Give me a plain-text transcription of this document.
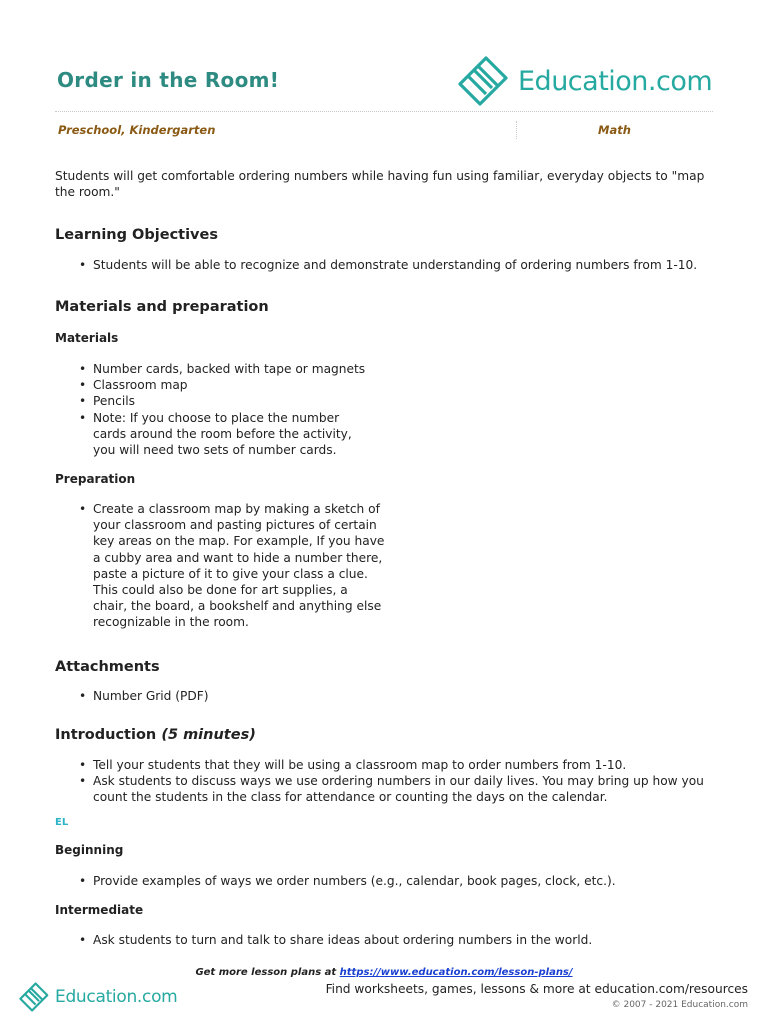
Order in the Room!	Education.com
Preschool, Kindergarten	Math
Students will get comfortable ordering numbers while having fun using familiar, everyday objects to "map the room."
Learning Objectives
• Students will be able to recognize and demonstrate understanding of ordering numbers from 1-10.
Materials and preparation
Materials
• Number cards, backed with tape or magnets
• Classroom map
• Pencils
• Note: If you choose to place the number cards around the room before the activity, you will need two sets of number cards.
Preparation
• Create a classroom map by making a sketch of your classroom and pasting pictures of certain key areas on the map. For example, If you have a cubby area and want to hide a number there, paste a picture of it to give your class a clue. This could also be done for art supplies, a chair, the board, a bookshelf and anything else recognizable in the room.
Attachments
• Number Grid (PDF)
Introduction (5 minutes)
• Tell your students that they will be using a classroom map to order numbers from 1-10.
• Ask students to discuss ways we use ordering numbers in our daily lives. You may bring up how you count the students in the class for attendance or counting the days on the calendar.
EL
Beginning
• Provide examples of ways we order numbers (e.g., calendar, book pages, clock, etc.).
Intermediate
• Ask students to turn and talk to share ideas about ordering numbers in the world.
Get more lesson plans at https://www.education.com/lesson-plans/
Education.com	Find worksheets, games, lessons & more at education.com/resources
© 2007 - 2021 Education.com
